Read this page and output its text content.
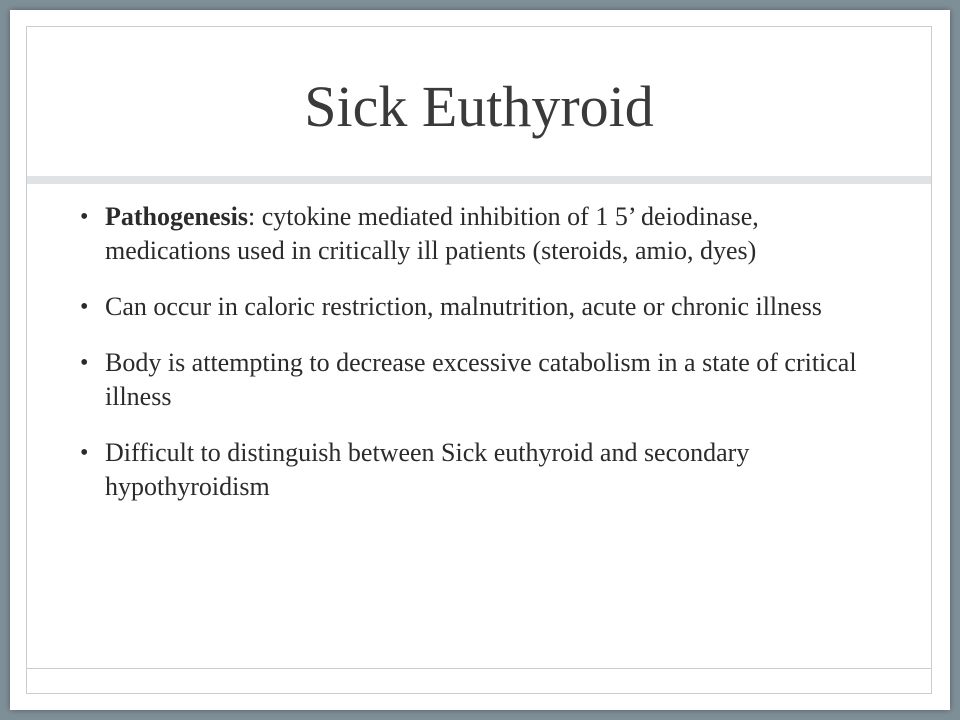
Sick Euthyroid
• Pathogenesis: cytokine mediated inhibition of 1 5’ deiodinase, medications used in critically ill patients (steroids, amio, dyes)
• Can occur in caloric restriction, malnutrition, acute or chronic illness
• Body is attempting to decrease excessive catabolism in a state of critical illness
• Difficult to distinguish between Sick euthyroid and secondary hypothyroidism
